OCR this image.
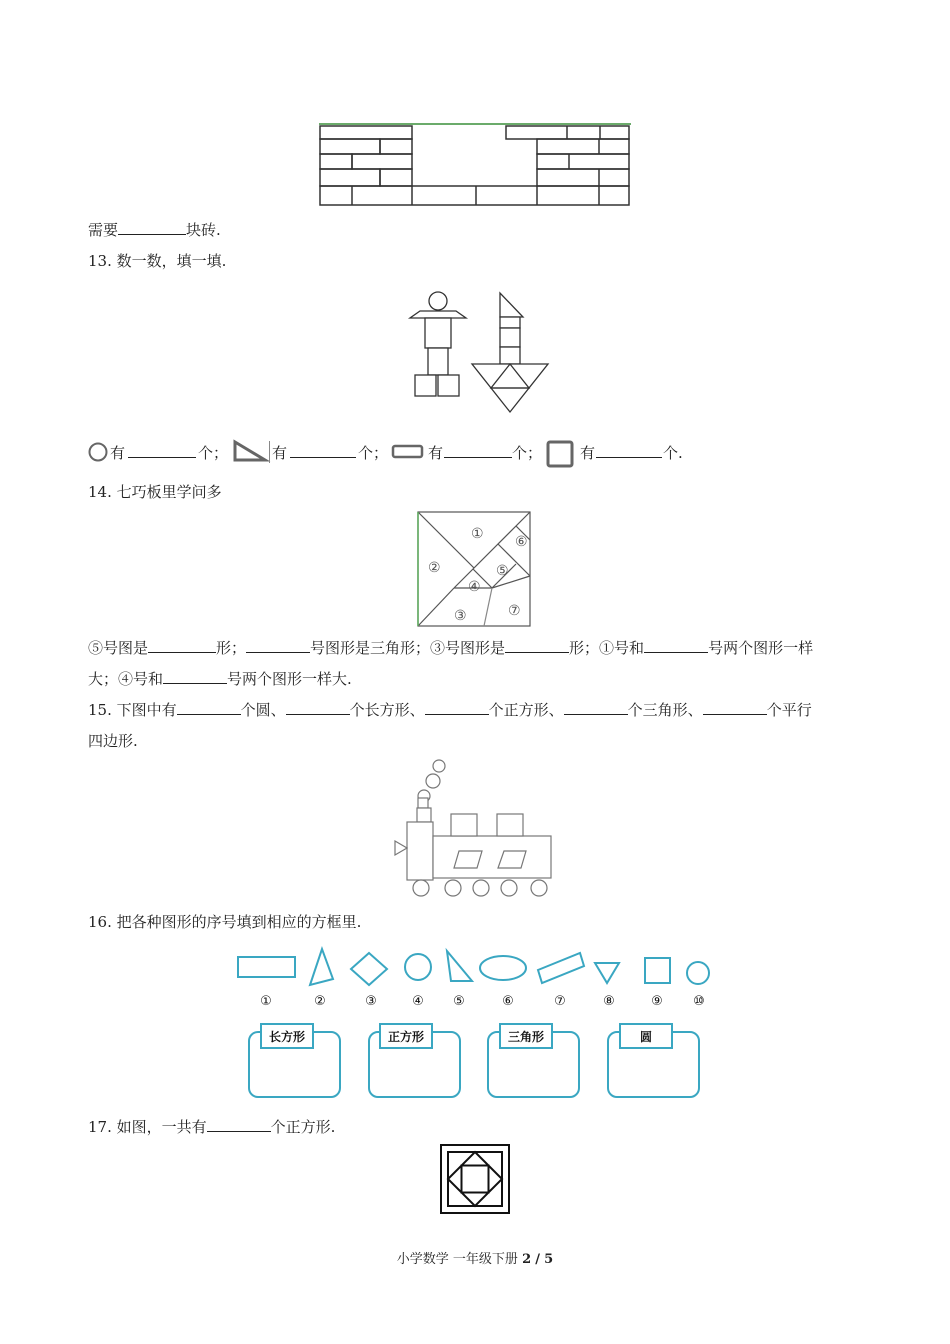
需要	块砖.
13. 数一数，填一填.
有	个；	有	个；	有	个；	有	个.
14. 七巧板里学问多
①
②
③
④
⑤
⑥
⑦
⑤号图是	形；	号图形是三角形；③号图形是	形；①号和	号两个图形一样
大；④号和	号两个图形一样大.
15. 下图中有	个圆、	个长方形、	个正方形、	个三角形、	个平行
四边形.
16. 把各种图形的序号填到相应的方框里.
长方形	正方形	三角形	圆
①	②	③	④ ⑤	⑥	⑦	⑧	⑨ ⑩
17. 如图，一共有	个正方形.
小学数学 一年级下册 2 / 5
